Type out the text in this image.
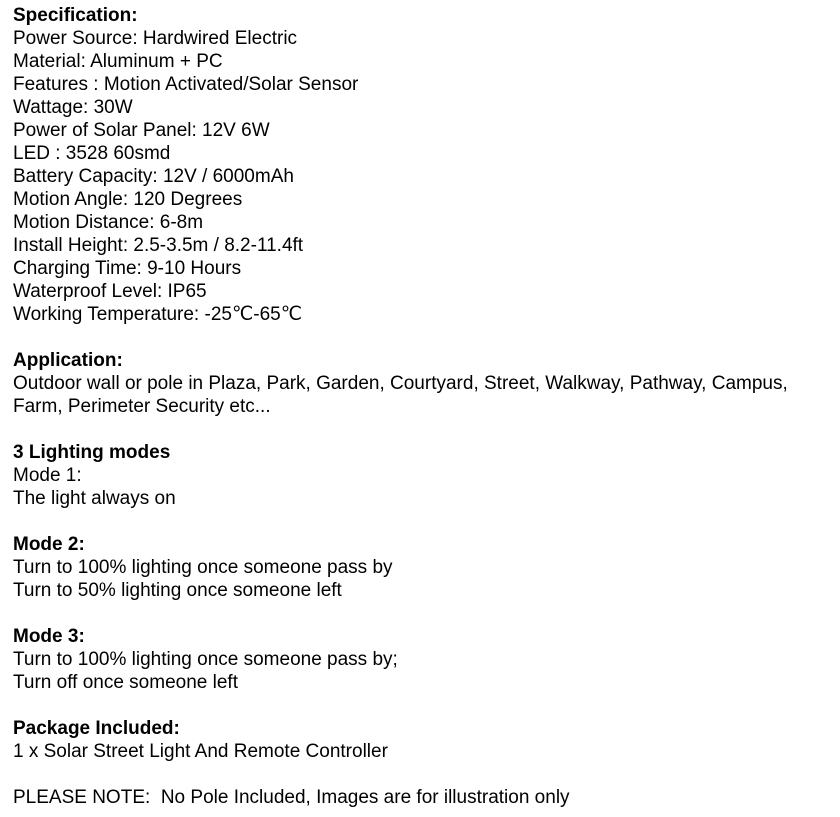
Specification:
Power Source: Hardwired Electric
Material: Aluminum + PC
Features : Motion Activated/Solar Sensor
Wattage: 30W
Power of Solar Panel: 12V 6W
LED : 3528 60smd
Battery Capacity: 12V / 6000mAh
Motion Angle: 120 Degrees
Motion Distance: 6-8m
Install Height: 2.5-3.5m / 8.2-11.4ft
Charging Time: 9-10 Hours
Waterproof Level: IP65
Working Temperature: -25℃-65℃
Application:
Outdoor wall or pole in Plaza, Park, Garden, Courtyard, Street, Walkway, Pathway, Campus,
Farm, Perimeter Security etc...
3 Lighting modes
Mode 1:
The light always on
Mode 2:
Turn to 100% lighting once someone pass by
Turn to 50% lighting once someone left
Mode 3:
Turn to 100% lighting once someone pass by;
Turn off once someone left
Package Included:
1 x Solar Street Light And Remote Controller
PLEASE NOTE:  No Pole Included, Images are for illustration only
